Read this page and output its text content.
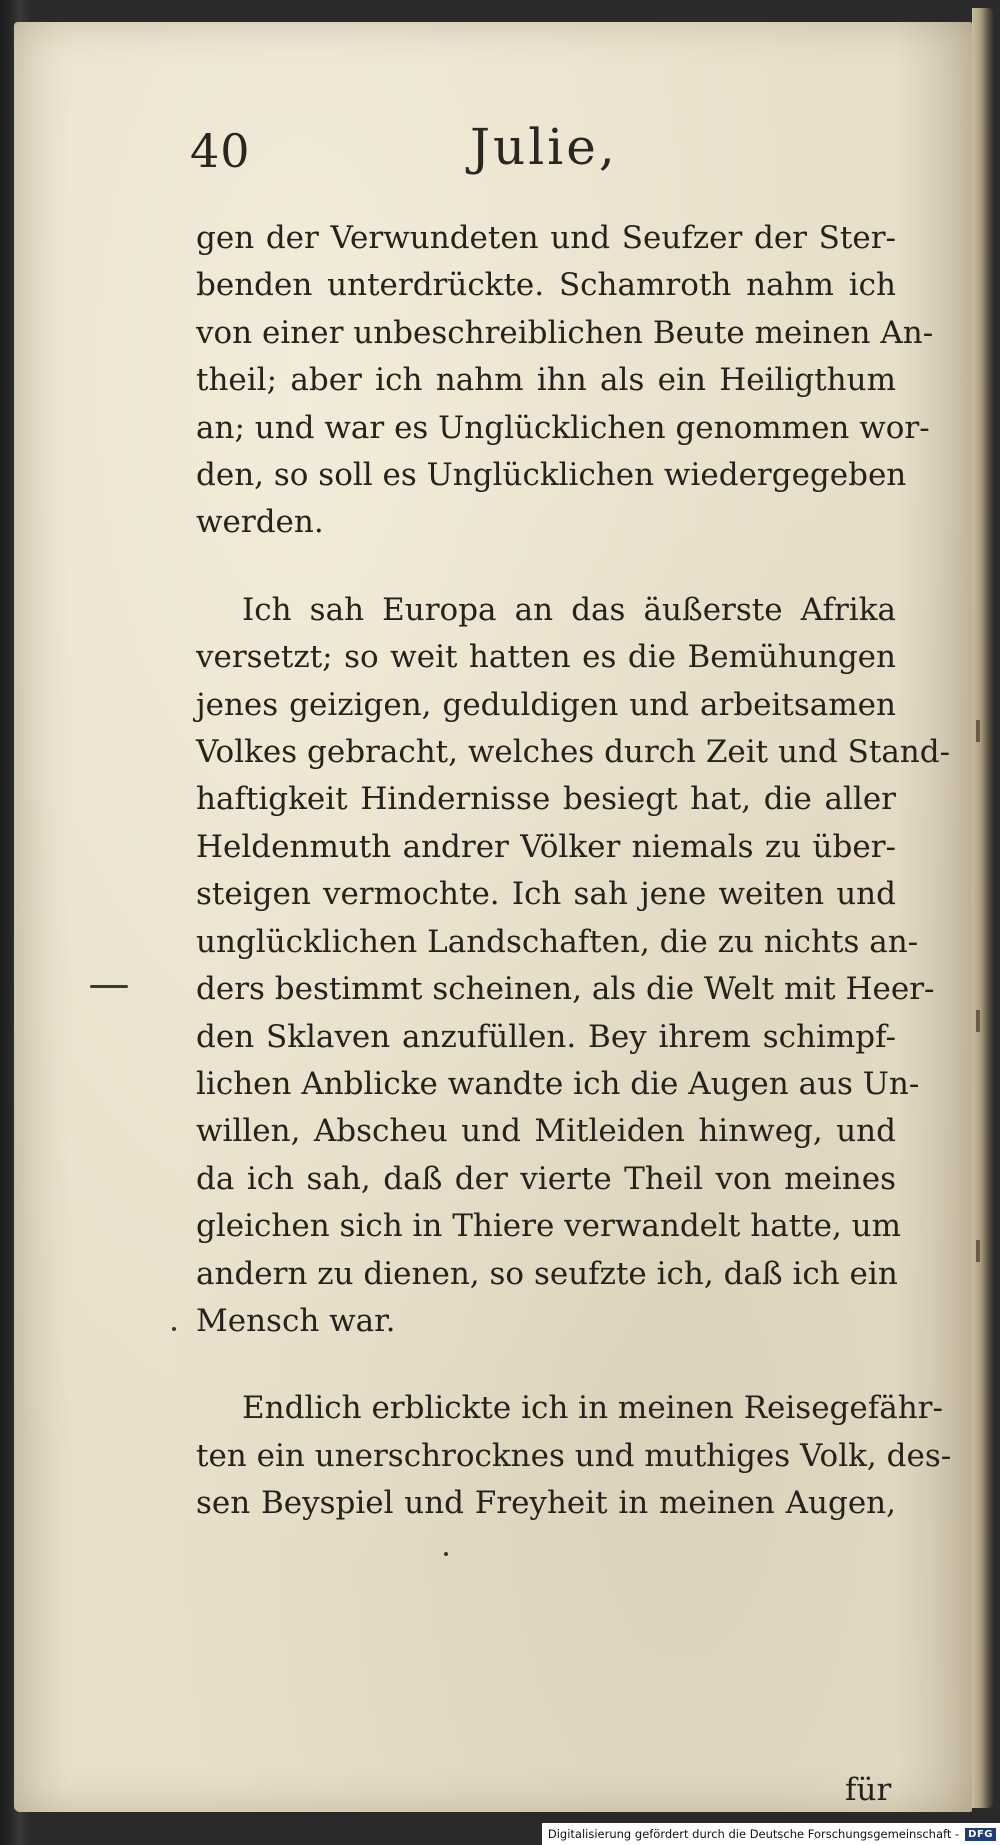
40	Julie,

gen der Verwundeten und Seufzer der Ster-
benden unterdrückte. Schamroth nahm ich
von einer unbeschreiblichen Beute meinen An-
theil; aber ich nahm ihn als ein Heiligthum
an; und war es Unglücklichen genommen wor-
den, so soll es Unglücklichen wiedergegeben
werden.

Ich sah Europa an das äußerste Afrika
versetzt; so weit hatten es die Bemühungen
jenes geizigen, geduldigen und arbeitsamen
Volkes gebracht, welches durch Zeit und Stand-
haftigkeit Hindernisse besiegt hat, die aller
Heldenmuth andrer Völker niemals zu über-
steigen vermochte. Ich sah jene weiten und
unglücklichen Landschaften, die zu nichts an-
ders bestimmt scheinen, als die Welt mit Heer-
den Sklaven anzufüllen. Bey ihrem schimpf-
lichen Anblicke wandte ich die Augen aus Un-
willen, Abscheu und Mitleiden hinweg, und
da ich sah, daß der vierte Theil von meines
gleichen sich in Thiere verwandelt hatte, um
andern zu dienen, so seufzte ich, daß ich ein
Mensch war.

Endlich erblickte ich in meinen Reisegefähr-
ten ein unerschrocknes und muthiges Volk, des-
sen Beyspiel und Freyheit in meinen Augen,

für
Digitalisierung gefördert durch die Deutsche Forschungsgemeinschaft - DFG
